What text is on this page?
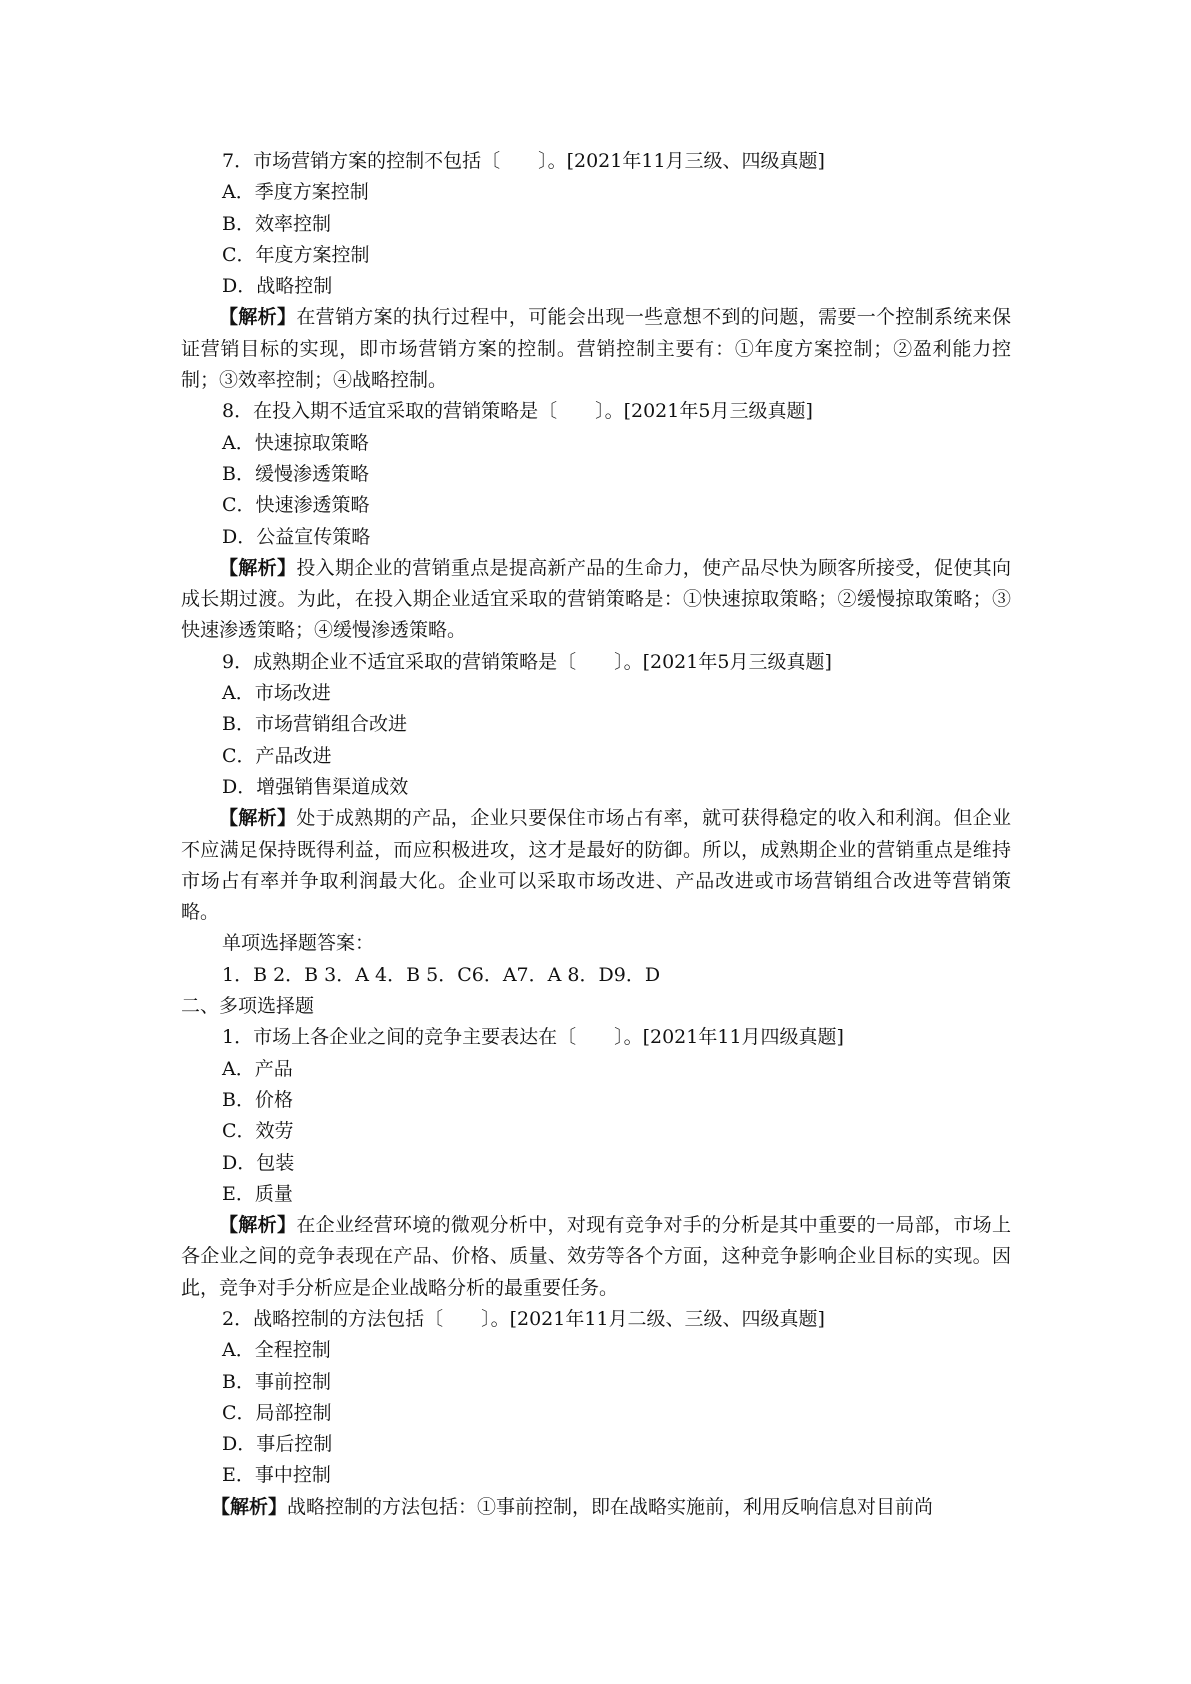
7．市场营销方案的控制不包括〔　　〕。[2021年11月三级、四级真题]
A．季度方案控制
B．效率控制
C．年度方案控制
D．战略控制
【解析】在营销方案的执行过程中，可能会出现一些意想不到的问题，需要一个控制系统来保证营销目标的实现，即市场营销方案的控制。营销控制主要有：①年度方案控制；②盈利能力控制；③效率控制；④战略控制。
8．在投入期不适宜采取的营销策略是〔　　〕。[2021年5月三级真题]
A．快速掠取策略
B．缓慢渗透策略
C．快速渗透策略
D．公益宣传策略
【解析】投入期企业的营销重点是提高新产品的生命力，使产品尽快为顾客所接受，促使其向成长期过渡。为此，在投入期企业适宜采取的营销策略是：①快速掠取策略；②缓慢掠取策略；③快速渗透策略；④缓慢渗透策略。
9．成熟期企业不适宜采取的营销策略是〔　　〕。[2021年5月三级真题]
A．市场改进
B．市场营销组合改进
C．产品改进
D．增强销售渠道成效
【解析】处于成熟期的产品，企业只要保住市场占有率，就可获得稳定的收入和利润。但企业不应满足保持既得利益，而应积极进攻，这才是最好的防御。所以，成熟期企业的营销重点是维持市场占有率并争取利润最大化。企业可以采取市场改进、产品改进或市场营销组合改进等营销策略。
单项选择题答案：
1．B 2．B 3．A 4．B 5．C6．A7．A 8．D9．D
二、多项选择题
1．市场上各企业之间的竞争主要表达在〔　　〕。[2021年11月四级真题]
A．产品
B．价格
C．效劳
D．包装
E．质量
【解析】在企业经营环境的微观分析中，对现有竞争对手的分析是其中重要的一局部，市场上各企业之间的竞争表现在产品、价格、质量、效劳等各个方面，这种竞争影响企业目标的实现。因此，竞争对手分析应是企业战略分析的最重要任务。
2．战略控制的方法包括〔　　〕。[2021年11月二级、三级、四级真题]
A．全程控制
B．事前控制
C．局部控制
D．事后控制
E．事中控制
【解析】战略控制的方法包括：①事前控制，即在战略实施前，利用反响信息对目前尚
